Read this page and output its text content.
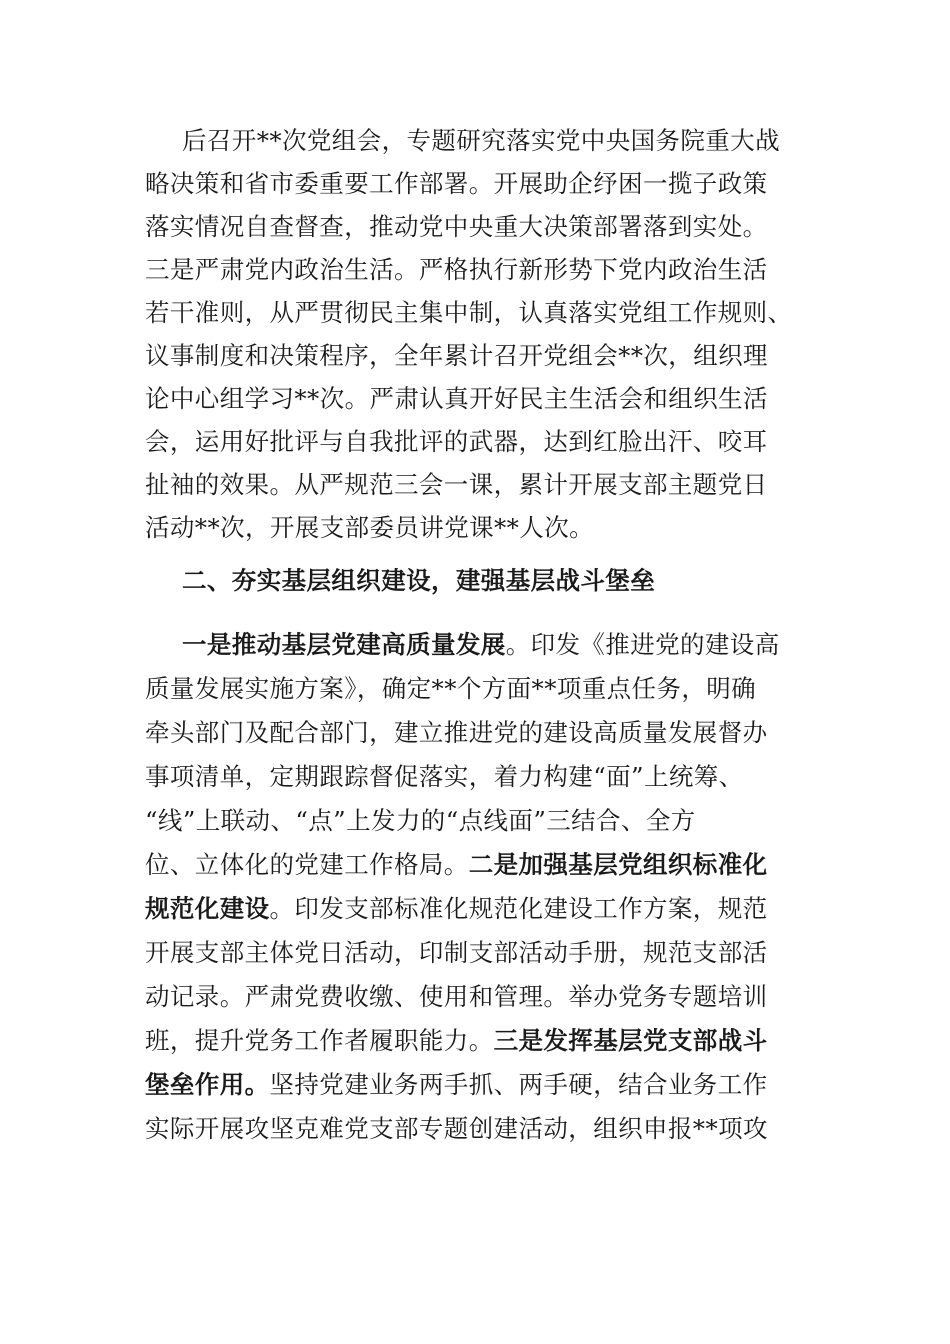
后召开**次党组会，专题研究落实党中央国务院重大战
略决策和省市委重要工作部署。开展助企纾困一揽子政策
落实情况自查督查，推动党中央重大决策部署落到实处。
三是严肃党内政治生活。严格执行新形势下党内政治生活
若干准则，从严贯彻民主集中制，认真落实党组工作规则、
议事制度和决策程序，全年累计召开党组会**次，组织理
论中心组学习**次。严肃认真开好民主生活会和组织生活
会，运用好批评与自我批评的武器，达到红脸出汗、咬耳
扯袖的效果。从严规范三会一课，累计开展支部主题党日
活动**次，开展支部委员讲党课**人次。
二、夯实基层组织建设，建强基层战斗堡垒
一是推动基层党建高质量发展。印发《推进党的建设高
质量发展实施方案》，确定**个方面**项重点任务，明确
牵头部门及配合部门，建立推进党的建设高质量发展督办
事项清单，定期跟踪督促落实，着力构建“面”上统筹、
“线”上联动、“点”上发力的“点线面”三结合、全方
位、立体化的党建工作格局。二是加强基层党组织标准化
规范化建设。印发支部标准化规范化建设工作方案，规范
开展支部主体党日活动，印制支部活动手册，规范支部活
动记录。严肃党费收缴、使用和管理。举办党务专题培训
班，提升党务工作者履职能力。三是发挥基层党支部战斗
堡垒作用。坚持党建业务两手抓、两手硬，结合业务工作
实际开展攻坚克难党支部专题创建活动，组织申报**项攻
